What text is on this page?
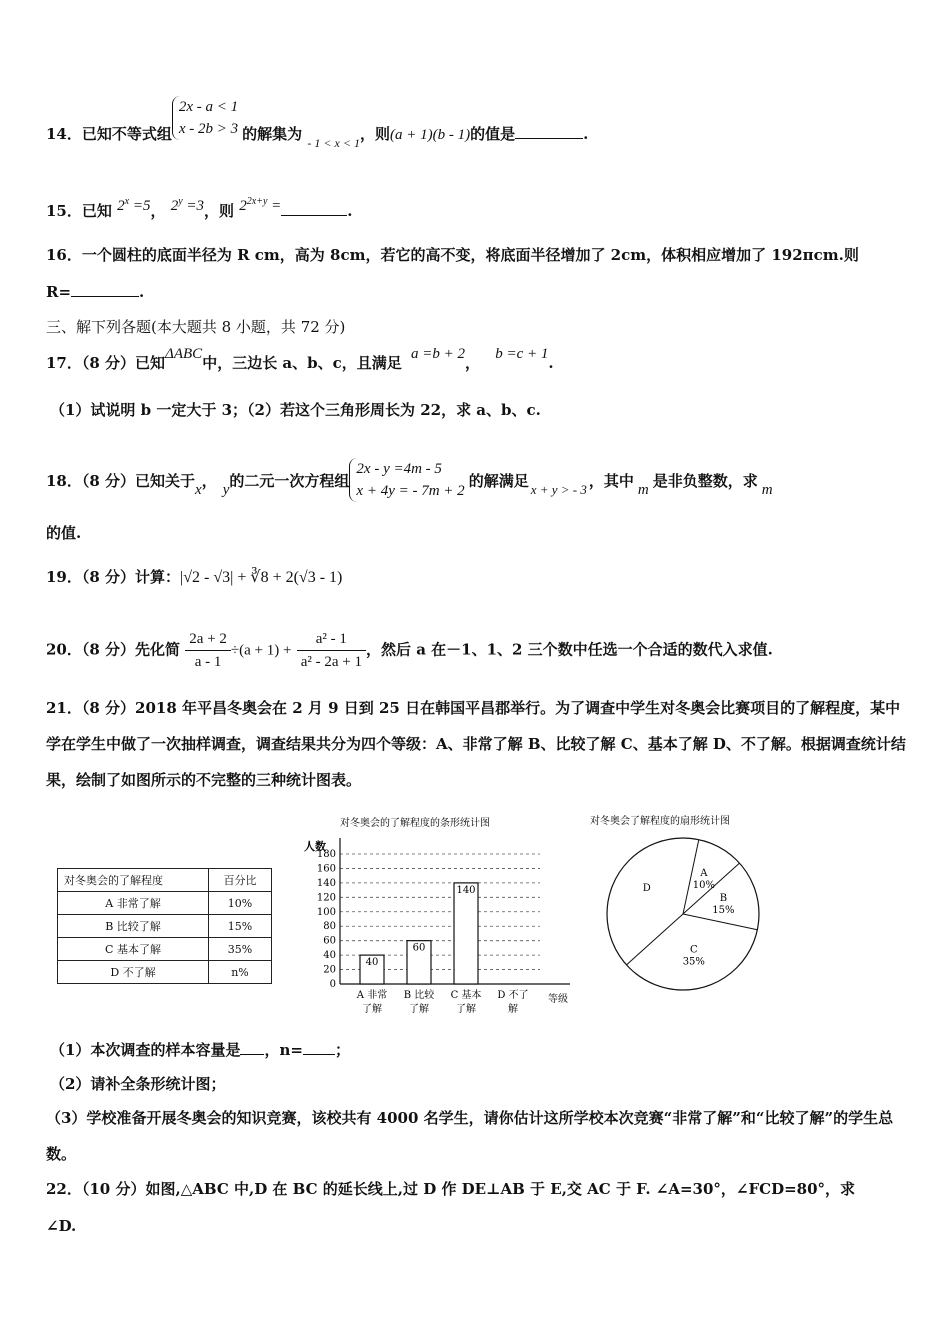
14．已知不等式组
2x - a < 1
x - 2b > 3 的解集为 $_{- 1 < x < 1}$，则(a + 1)(b - 1)的值是	.
15．已知 $2^x =5$， $2^y =3$，则 $2^{2x+y}$ =	.
16．一个圆柱的底面半径为 R cm，高为 8cm，若它的高不变，将底面半径增加了 2cm，体积相应增加了 192πcm.则
R=	.
三、解下列各题(本大题共 8 小题，共 72 分)
17．（8 分）已知ΔABC中，三边长 a、b、c，且满足 a =b + 2， b =c + 1.
（1）试说明 b 一定大于 3；（2）若这个三角形周长为 22，求 a、b、c.
18．（8 分）已知关于x， y的二元一次方程组
2x - y =4m - 5
x + 4y = - 7m + 2
的解满足 x + y > - 3 ，其中 m 是非负整数，求 m
的值.
19．（8 分）计算：|√2 - √3| + ∛8 + 2(√3 - 1)
20．（8 分）先化简 $\frac{2a + 2}{a - 1} \div(a + 1) + \frac{\text{a² - 1}}{\text{a² - 2a + 1}}$ ，然后 a 在－1、1、2 三个数中任选一个合适的数代入求值.
21．（8 分）2018 年平昌冬奥会在 2 月 9 日到 25 日在韩国平昌郡举行。为了调查中学生对冬奥会比赛项目的了解程度，某中学在学生中做了一次抽样调查，调查结果共分为四个等级：A、非常了解 B、比较了解 C、基本了解 D、不了解。根据调查统计结果，绘制了如图所示的不完整的三种统计图表。
对冬奥会的了解程度	百分比
A 非常了解	10%
B 比较了解	15%
C 基本了解	35%
D 不了解	n%
对冬奥会的了解程度的条形统计图
人数
等级
0
20
40
60
80
100
120
140
160
180
40
A 非常
了解
60
B 比较
了解
140
C 基本
了解
D 不了
解
对冬奥会了解程度的扇形统计图
A
10%
B
15%
C
35%
D
（1）本次调查的样本容量是 ，n= ；
（2）请补全条形统计图；
（3）学校准备开展冬奥会的知识竞赛，该校共有 4000 名学生，请你估计这所学校本次竞赛“非常了解”和“比较了解”的学生总数。
22．（10 分）如图,△ABC 中,D 在 BC 的延长线上,过 D 作 DE⊥AB 于 E,交 AC 于 F. ∠A=30°，∠FCD=80°，求
∠D.
